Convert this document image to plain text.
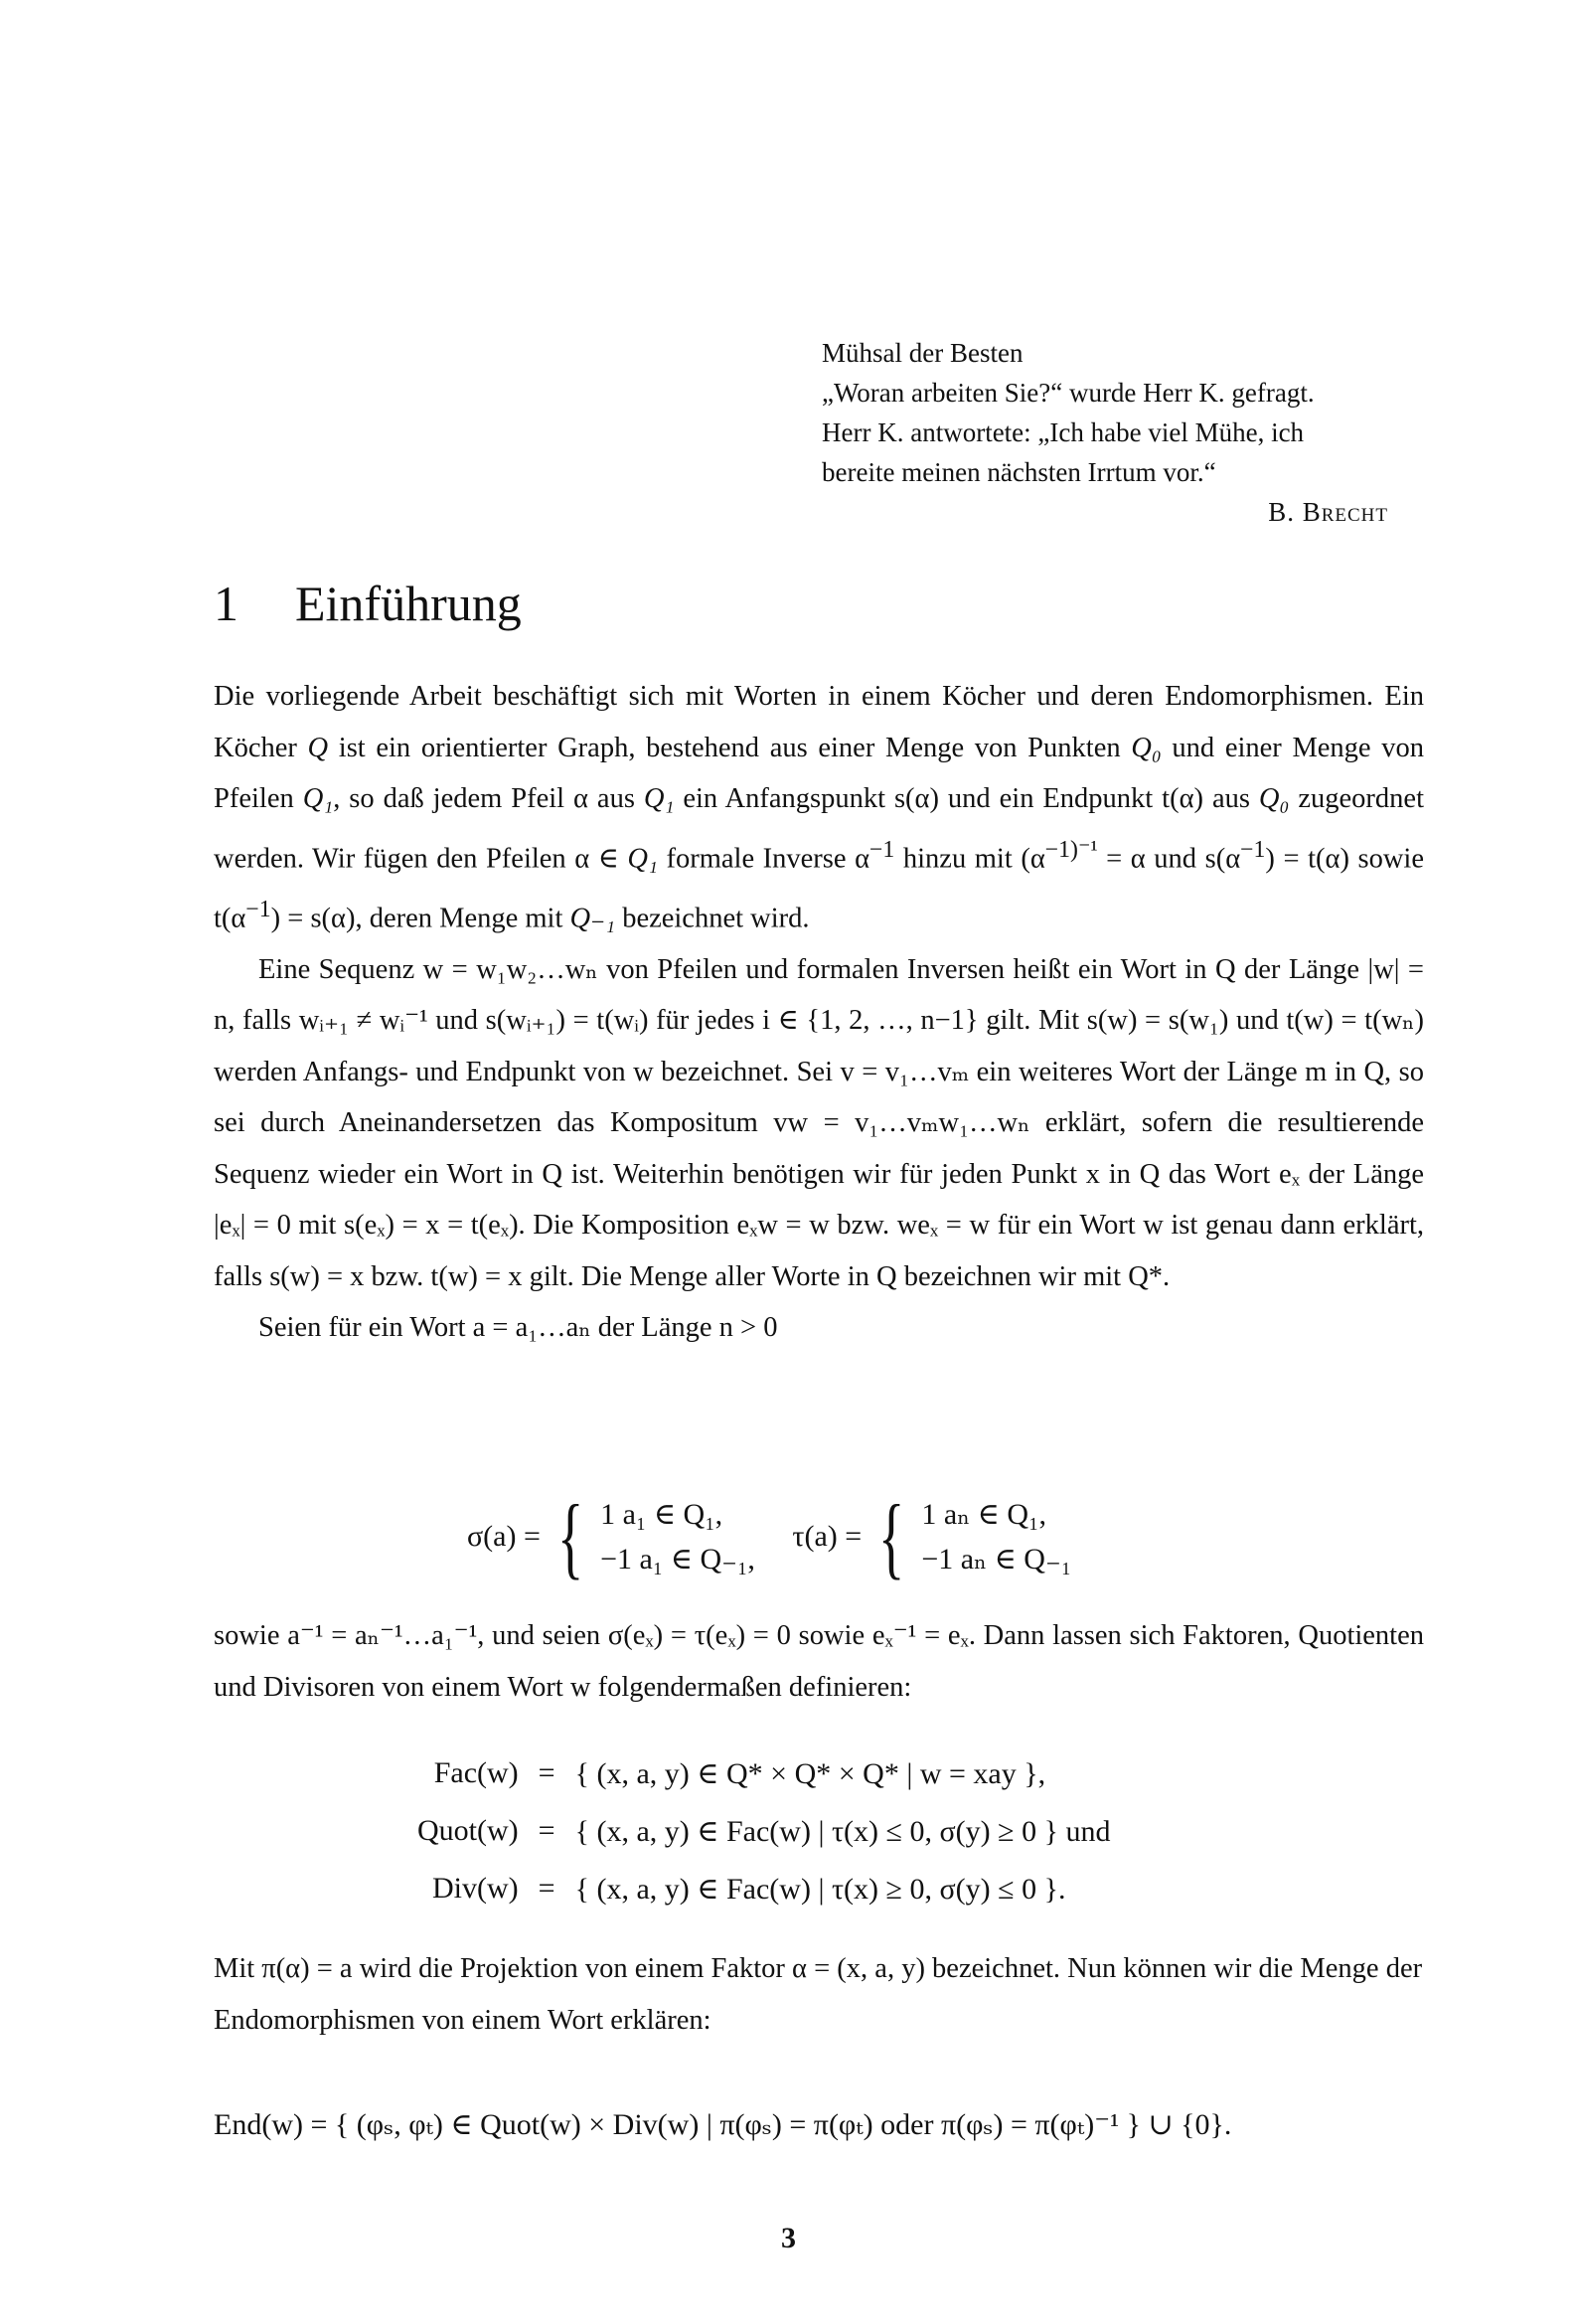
Mühsal der Besten
„Woran arbeiten Sie?“ wurde Herr K. gefragt.
Herr K. antwortete: „Ich habe viel Mühe, ich
bereite meinen nächsten Irrtum vor.“
B. Brecht
1 Einführung

Die vorliegende Arbeit beschäftigt sich mit Worten in einem Köcher und deren Endomorphismen. Ein Köcher Q ist ein orientierter Graph, bestehend aus einer Menge von Punkten Q₀ und einer Menge von Pfeilen Q₁, so daß jedem Pfeil α aus Q₁ ein Anfangspunkt s(α) und ein Endpunkt t(α) aus Q₀ zugeordnet werden. Wir fügen den Pfeilen α ∈ Q₁ formale Inverse $\alpha^{-1}$ hinzu mit ($\alpha^{-1)^{-1}} = \alpha$ und $s(\alpha^{-1}) = t(\alpha)$ sowie $t(\alpha^{-1}) = s(\alpha)$, deren Menge mit Q₋₁ bezeichnet wird.

Eine Sequenz w = w₁w₂…wₙ von Pfeilen und formalen Inversen heißt ein Wort in Q der Länge |w| = n, falls wᵢ₊₁ ≠ wᵢ⁻¹ und s(wᵢ₊₁) = t(wᵢ) für jedes i ∈ {1, 2, …, n−1} gilt. Mit s(w) = s(w₁) und t(w) = t(wₙ) werden Anfangs- und Endpunkt von w bezeichnet. Sei v = v₁…vₘ ein weiteres Wort der Länge m in Q, so sei durch Aneinandersetzen das Kompositum vw = v₁…vₘw₁…wₙ erklärt, sofern die resultierende Sequenz wieder ein Wort in Q ist. Weiterhin benötigen wir für jeden Punkt x in Q das Wort eₓ der Länge |eₓ| = 0 mit s(eₓ) = x = t(eₓ). Die Komposition eₓw = w bzw. weₓ = w für ein Wort w ist genau dann erklärt, falls s(w) = x bzw. t(w) = x gilt. Die Menge aller Worte in Q bezeichnen wir mit Q*.

Seien für ein Wort a = a₁…aₙ der Länge n > 0

σ(a) = { 1 a₁ ∈ Q₁,
−1 a₁ ∈ Q₋₁,

τ(a) = { 1 aₙ ∈ Q₁,
−1 aₙ ∈ Q₋₁

sowie a⁻¹ = aₙ⁻¹…a₁⁻¹, und seien σ(eₓ) = τ(eₓ) = 0 sowie eₓ⁻¹ = eₓ. Dann lassen sich Faktoren, Quotienten und Divisoren von einem Wort w folgendermaßen definieren:

Fac(w)	=	{ (x, a, y) ∈ Q* × Q* × Q* | w = xay },
Quot(w)	=	{ (x, a, y) ∈ Fac(w) | τ(x) ≤ 0, σ(y) ≥ 0 } und
Div(w)	=	{ (x, a, y) ∈ Fac(w) | τ(x) ≥ 0, σ(y) ≤ 0 }.

Mit π(α) = a wird die Projektion von einem Faktor α = (x, a, y) bezeichnet. Nun können wir die Menge der Endomorphismen von einem Wort erklären:

End(w) = { (φₛ, φₜ) ∈ Quot(w) × Div(w) | π(φₛ) = π(φₜ) oder π(φₛ) = π(φₜ)⁻¹ } ∪ {0}.
3
